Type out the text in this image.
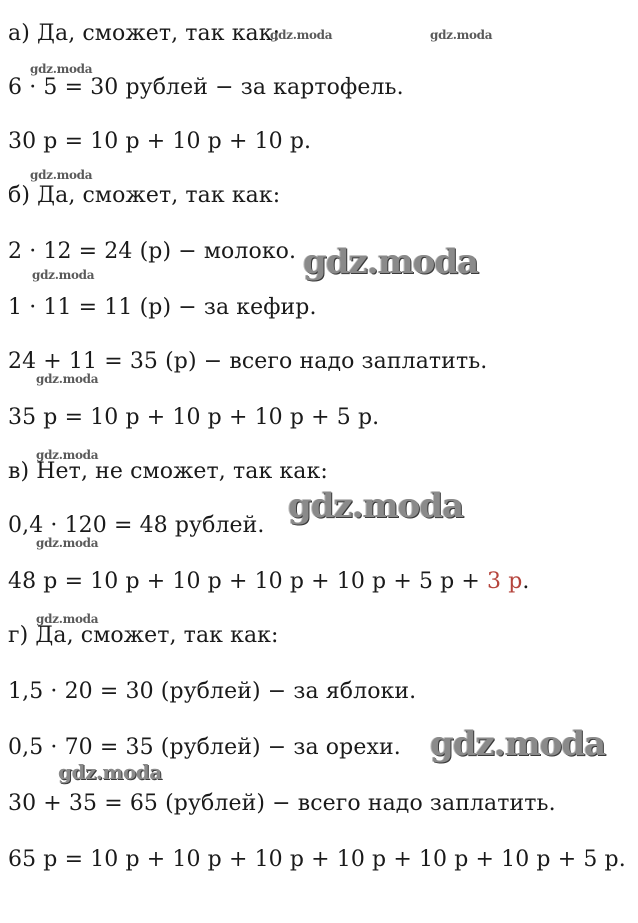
а) Да, сможет, так как:
6 · 5 = 30 рублей − за картофель.
30 р = 10 р + 10 р + 10 р.
б) Да, сможет, так как:
2 · 12 = 24 (р) − молоко.
1 · 11 = 11 (р) − за кефир.
24 + 11 = 35 (р) − всего надо заплатить.
35 р = 10 р + 10 р + 10 р + 5 р.
в) Нет, не сможет, так как:
0,4 · 120 = 48 рублей.
48 р = 10 р + 10 р + 10 р + 10 р + 5 р + 3 р.
г) Да, сможет, так как:
1,5 · 20 = 30 (рублей) − за яблоки.
0,5 · 70 = 35 (рублей) − за орехи.
30 + 35 = 65 (рублей) − всего надо заплатить.
65 р = 10 р + 10 р + 10 р + 10 р + 10 р + 10 р + 5 р.
gdz.moda	gdz.moda
gdz.moda
gdz.moda
gdz.moda
gdz.moda
gdz.moda
gdz.moda
gdz.moda
gdz.moda
gdz.moda
gdz.moda
gdz.moda
